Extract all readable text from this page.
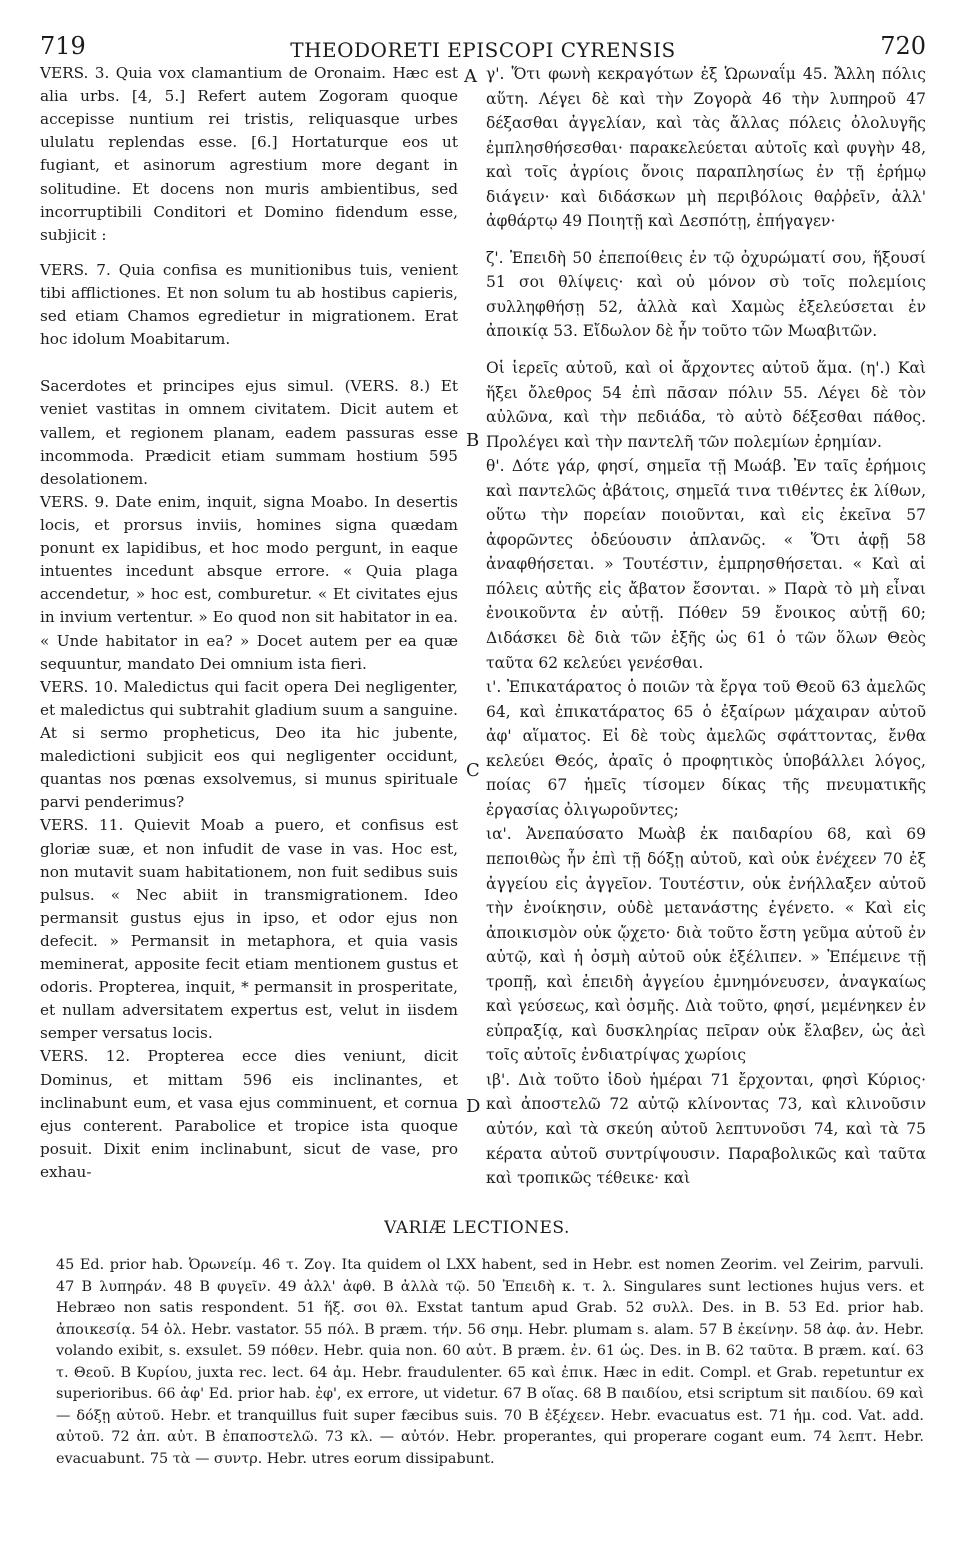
719	THEODORETI EPISCOPI CYRENSIS	720
A
B
C
D

VERS. 3. Quia vox clamantium de Oronaim. Hæc est alia urbs. [4, 5.] Refert autem Zogoram quoque accepisse nuntium rei tristis, reliquasque urbes ululatu replendas esse. [6.] Hortaturque eos ut fugiant, et asinorum agrestium more degant in solitudine. Et docens non muris ambientibus, sed incorruptibili Conditori et Domino fidendum esse, subjicit :

VERS. 7. Quia confisa es munitionibus tuis, venient tibi afflictiones. Et non solum tu ab hostibus capieris, sed etiam Chamos egredietur in migrationem. Erat hoc idolum Moabitarum.

Sacerdotes et principes ejus simul. (VERS. 8.) Et veniet vastitas in omnem civitatem. Dicit autem et vallem, et regionem planam, eadem passuras esse incommoda. Prædicit etiam summam hostium 595 desolationem.

VERS. 9. Date enim, inquit, signa Moabo. In desertis locis, et prorsus inviis, homines signa quædam ponunt ex lapidibus, et hoc modo pergunt, in eaque intuentes incedunt absque errore. « Quia plaga accendetur, » hoc est, comburetur. « Et civitates ejus in invium vertentur. » Eo quod non sit habitator in ea. « Unde habitator in ea? » Docet autem per ea quæ sequuntur, mandato Dei omnium ista fieri.

VERS. 10. Maledictus qui facit opera Dei negligenter, et maledictus qui subtrahit gladium suum a sanguine. At si sermo propheticus, Deo ita hic jubente, maledictioni subjicit eos qui negligenter occidunt, quantas nos pœnas exsolvemus, si munus spirituale parvi penderimus?

VERS. 11. Quievit Moab a puero, et confisus est gloriæ suæ, et non infudit de vase in vas. Hoc est, non mutavit suam habitationem, non fuit sedibus suis pulsus. « Nec abiit in transmigrationem. Ideo permansit gustus ejus in ipso, et odor ejus non defecit. » Permansit in metaphora, et quia vasis meminerat, apposite fecit etiam mentionem gustus et odoris. Propterea, inquit, * permansit in prosperitate, et nullam adversitatem expertus est, velut in iisdem semper versatus locis.

VERS. 12. Propterea ecce dies veniunt, dicit Dominus, et mittam 596 eis inclinantes, et inclinabunt eum, et vasa ejus comminuent, et cornua ejus conterent. Parabolice et tropice ista quoque posuit. Dixit enim inclinabunt, sicut de vase, pro exhau-

γ'. Ὅτι φωνὴ κεκραγότων ἐξ Ὡρωναΐμ 45. Ἄλλη πόλις αὕτη. Λέγει δὲ καὶ τὴν Ζογορὰ 46 τὴν λυπηροῦ 47 δέξασθαι ἀγγελίαν, καὶ τὰς ἄλλας πόλεις ὀλολυγῆς ἐμπλησθήσεσθαι· παρακελεύεται αὐτοῖς καὶ φυγὴν 48, καὶ τοῖς ἀγρίοις ὄνοις παραπλησίως ἐν τῇ ἐρήμῳ διάγειν· καὶ διδάσκων μὴ περιβόλοις θαῤῥεῖν, ἀλλ' ἀφθάρτῳ 49 Ποιητῇ καὶ Δεσπότῃ, ἐπήγαγεν·

ζ'. Ἐπειδὴ 50 ἐπεποίθεις ἐν τῷ ὀχυρώματί σου, ἥξουσί 51 σοι θλίψεις· καὶ οὐ μόνον σὺ τοῖς πολεμίοις συλληφθήσῃ 52, ἀλλὰ καὶ Χαμὼς ἐξελεύσεται ἐν ἀποικίᾳ 53. Εἴδωλον δὲ ἦν τοῦτο τῶν Μωαβιτῶν.

Οἱ ἱερεῖς αὐτοῦ, καὶ οἱ ἄρχοντες αὐτοῦ ἅμα. (η'.) Καὶ ἥξει ὄλεθρος 54 ἐπὶ πᾶσαν πόλιν 55. Λέγει δὲ τὸν αὐλῶνα, καὶ τὴν πεδιάδα, τὸ αὐτὸ δέξεσθαι πάθος. Προλέγει καὶ τὴν παντελῆ τῶν πολεμίων ἐρημίαν.

θ'. Δότε γάρ, φησί, σημεῖα τῇ Μωάβ. Ἐν ταῖς ἐρήμοις καὶ παντελῶς ἀβάτοις, σημεῖά τινα τιθέντες ἐκ λίθων, οὕτω τὴν πορείαν ποιοῦνται, καὶ εἰς ἐκεῖνα 57 ἀφορῶντες ὁδεύουσιν ἀπλανῶς. « Ὅτι ἀφῇ 58 ἀναφθήσεται. » Τουτέστιν, ἐμπρησθήσεται. « Καὶ αἱ πόλεις αὐτῆς εἰς ἄβατον ἔσονται. » Παρὰ τὸ μὴ εἶναι ἐνοικοῦντα ἐν αὐτῇ. Πόθεν 59 ἔνοικος αὐτῇ 60; Διδάσκει δὲ διὰ τῶν ἑξῆς ὡς 61 ὁ τῶν ὅλων Θεὸς ταῦτα 62 κελεύει γενέσθαι.

ι'. Ἐπικατάρατος ὁ ποιῶν τὰ ἔργα τοῦ Θεοῦ 63 ἀμελῶς 64, καὶ ἐπικατάρατος 65 ὁ ἐξαίρων μάχαιραν αὐτοῦ ἀφ' αἵματος. Εἰ δὲ τοὺς ἀμελῶς σφάττοντας, ἔνθα κελεύει Θεός, ἀραῖς ὁ προφητικὸς ὑποβάλλει λόγος, ποίας 67 ἡμεῖς τίσομεν δίκας τῆς πνευματικῆς ἐργασίας ὀλιγωροῦντες;

ια'. Ἀνεπαύσατο Μωὰβ ἐκ παιδαρίου 68, καὶ 69 πεποιθὼς ἦν ἐπὶ τῇ δόξῃ αὐτοῦ, καὶ οὐκ ἐνέχεεν 70 ἐξ ἀγγείου εἰς ἀγγεῖον. Τουτέστιν, οὐκ ἐνήλλαξεν αὐτοῦ τὴν ἐνοίκησιν, οὐδὲ μετανάστης ἐγένετο. « Καὶ εἰς ἀποικισμὸν οὐκ ᾤχετο· διὰ τοῦτο ἔστη γεῦμα αὐτοῦ ἐν αὐτῷ, καὶ ἡ ὀσμὴ αὐτοῦ οὐκ ἐξέλιπεν. » Ἐπέμεινε τῇ τροπῇ, καὶ ἐπειδὴ ἀγγείου ἐμνημόνευσεν, ἀναγκαίως καὶ γεύσεως, καὶ ὀσμῆς. Διὰ τοῦτο, φησί, μεμένηκεν ἐν εὐπραξίᾳ, καὶ δυσκληρίας πεῖραν οὐκ ἔλαβεν, ὡς ἀεὶ τοῖς αὐτοῖς ἐνδιατρίψας χωρίοις

ιβ'. Διὰ τοῦτο ἰδοὺ ἡμέραι 71 ἔρχονται, φησὶ Κύριος· καὶ ἀποστελῶ 72 αὐτῷ κλίνοντας 73, καὶ κλινοῦσιν αὐτόν, καὶ τὰ σκεύη αὐτοῦ λεπτυνοῦσι 74, καὶ τὰ 75 κέρατα αὐτοῦ συντρίψουσιν. Παραβολικῶς καὶ ταῦτα καὶ τροπικῶς τέθεικε· καὶ

VARIÆ LECTIONES.

45 Ed. prior hab. Ὀρωνείμ. 46 τ. Ζογ. Ita quidem ol LXX habent, sed in Hebr. est nomen Zeorim. vel Zeirim, parvuli. 47 B λυπηράν. 48 B φυγεῖν. 49 ἀλλ' ἀφθ. B ἀλλὰ τῷ. 50 Ἐπειδὴ κ. τ. λ. Singulares sunt lectiones hujus vers. et Hebræo non satis respondent. 51 ἥξ. σοι θλ. Exstat tantum apud Grab. 52 συλλ. Des. in B. 53 Ed. prior hab. ἀποικεσίᾳ. 54 ὀλ. Hebr. vastator. 55 πόλ. B præm. τήν. 56 σημ. Hebr. plumam s. alam. 57 B ἐκείνην. 58 ἀφ. ἀν. Hebr. volando exibit, s. exsulet. 59 πόθεν. Hebr. quia non. 60 αὐτ. B præm. ἐν. 61 ὡς. Des. in B. 62 ταῦτα. B præm. καί. 63 τ. Θεοῦ. B Κυρίου, juxta rec. lect. 64 ἀμ. Hebr. fraudulenter. 65 καὶ ἐπικ. Hæc in edit. Compl. et Grab. repetuntur ex superioribus. 66 ἀφ' Ed. prior hab. ἐφ', ex errore, ut videtur. 67 B οἵας. 68 B παιδίου, etsi scriptum sit παιδίου. 69 καὶ — δόξῃ αὐτοῦ. Hebr. et tranquillus fuit super fæcibus suis. 70 B ἐξέχεεν. Hebr. evacuatus est. 71 ἡμ. cod. Vat. add. αὐτοῦ. 72 ἀπ. αὐτ. B ἐπαποστελῶ. 73 κλ. — αὐτόν. Hebr. properantes, qui properare cogant eum. 74 λεπτ. Hebr. evacuabunt. 75 τὰ — συντρ. Hebr. utres eorum dissipabunt.
